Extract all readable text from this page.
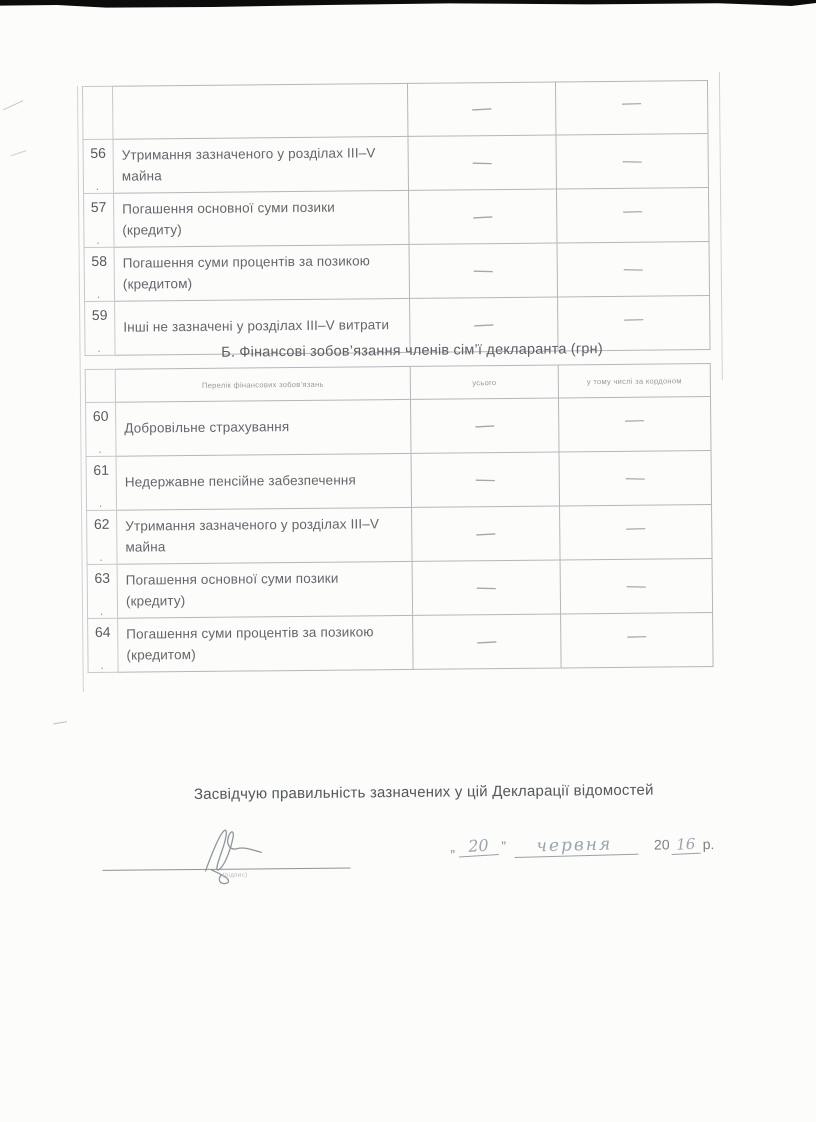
		—	—

56
.	Утримання зазначеного у розділах III–V майна	—	—

57
.	Погашення основної суми позики (кредиту)	—	—

58
.	Погашення суми процентів за позикою (кредитом)	—	—

59
.	Інші не зазначені у розділах III–V витрати	—	—
Б. Фінансові зобов’язання членів сім’ї декларанта (грн)
	Перелік фінансових зобов’язань	усього	у тому числі за кордоном

60
.	Добровільне страхування	—	—

61
.	Недержавне пенсійне забезпечення	—	—

62
.	Утримання зазначеного у розділах III–V майна	—	—

63
.	Погашення основної суми позики (кредиту)	—	—

64
.	Погашення суми процентів за позикою (кредитом)	—	—
Засвідчую правильність зазначених у цій Декларації відомостей
(підпис)
„ 20 ”	червня	20 16 р.
